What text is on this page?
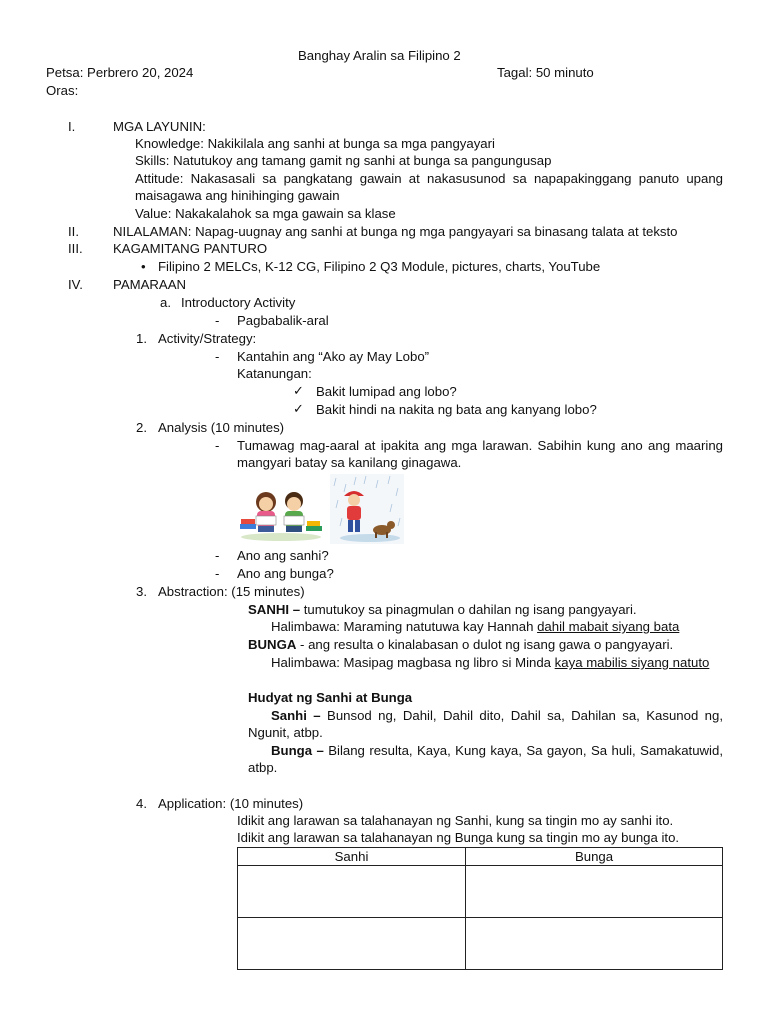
Banghay Aralin sa Filipino 2
Petsa: Perbrero 20, 2024	Tagal: 50 minuto
Oras:
I.	MGA LAYUNIN:
Knowledge: Nakikilala ang sanhi at bunga sa mga pangyayari
Skills: Natutukoy ang tamang gamit ng sanhi at bunga sa pangungusap
Attitude: Nakasasali sa pangkatang gawain at nakasusunod sa napapakinggang panuto upang maisagawa ang hinihinging gawain
Value: Nakakalahok sa mga gawain sa klase
II.	NILALAMAN: Napag-uugnay ang sanhi at bunga ng mga pangyayari sa binasang talata at teksto
III. KAGAMITANG PANTURO
• Filipino 2 MELCs, K-12 CG, Filipino 2 Q3 Module, pictures, charts, YouTube
IV. PAMARAAN
a. Introductory Activity
- Pagbabalik-aral
1. Activity/Strategy:
- Kantahin ang “Ako ay May Lobo”
Katanungan:
✓ Bakit lumipad ang lobo?
✓ Bakit hindi na nakita ng bata ang kanyang lobo?
2. Analysis (10 minutes)
- Tumawag mag-aaral at ipakita ang mga larawan. Sabihin kung ano ang maaring mangyari batay sa kanilang ginagawa.
- Ano ang sanhi?
- Ano ang bunga?
3. Abstraction: (15 minutes)
SANHI – tumutukoy sa pinagmulan o dahilan ng isang pangyayari.
Halimbawa: Maraming natutuwa kay Hannah dahil mabait siyang bata
BUNGA - ang resulta o kinalabasan o dulot ng isang gawa o pangyayari.
Halimbawa: Masipag magbasa ng libro si Minda kaya mabilis siyang natuto
Hudyat ng Sanhi at Bunga
Sanhi – Bunsod ng, Dahil, Dahil dito, Dahil sa, Dahilan sa, Kasunod ng, Ngunit, atbp.
Bunga – Bilang resulta, Kaya, Kung kaya, Sa gayon, Sa huli, Samakatuwid, atbp.
4. Application: (10 minutes)
Idikit ang larawan sa talahanayan ng Sanhi, kung sa tingin mo ay sanhi ito.
Idikit ang larawan sa talahanayan ng Bunga kung sa tingin mo ay bunga ito.
Sanhi	Bunga
